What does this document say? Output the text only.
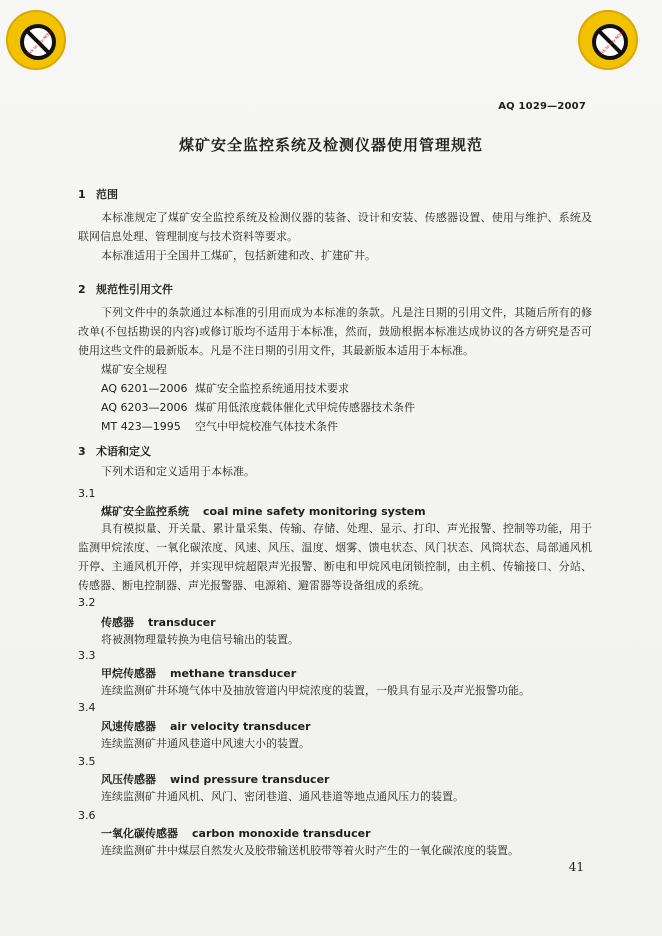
Click to buy NOW!	Click to buy NOW!
AQ 1029—2007
煤矿安全监控系统及检测仪器使用管理规范
1 范围

本标准规定了煤矿安全监控系统及检测仪器的装备、设计和安装、传感器设置、使用与维护、系统及联网信息处理、管理制度与技术资料等要求。

本标准适用于全国井工煤矿，包括新建和改、扩建矿井。

2 规范性引用文件

下列文件中的条款通过本标准的引用而成为本标准的条款。凡是注日期的引用文件，其随后所有的修改单(不包括勘误的内容)或修订版均不适用于本标准，然而，鼓励根据本标准达成协议的各方研究是否可使用这些文件的最新版本。凡是不注日期的引用文件，其最新版本适用于本标准。

煤矿安全规程
AQ 6201—2006 煤矿安全监控系统通用技术要求
AQ 6203—2006 煤矿用低浓度载体催化式甲烷传感器技术条件
MT 423—1995 空气中甲烷校准气体技术条件
3 术语和定义
下列术语和定义适用于本标准。
3.1
煤矿安全监控系统 coal mine safety monitoring system
具有模拟量、开关量、累计量采集、传输、存储、处理、显示、打印、声光报警、控制等功能，用于监测甲烷浓度、一氧化碳浓度、风速、风压、温度、烟雾、馈电状态、风门状态、风筒状态、局部通风机开停、主通风机开停，并实现甲烷超限声光报警、断电和甲烷风电闭锁控制，由主机、传输接口、分站、传感器、断电控制器、声光报警器、电源箱、避雷器等设备组成的系统。
3.2
传感器 transducer
将被测物理量转换为电信号输出的装置。
3.3
甲烷传感器 methane transducer
连续监测矿井环境气体中及抽放管道内甲烷浓度的装置，一般具有显示及声光报警功能。
3.4
风速传感器 air velocity transducer
连续监测矿井通风巷道中风速大小的装置。
3.5
风压传感器 wind pressure transducer
连续监测矿井通风机、风门、密闭巷道、通风巷道等地点通风压力的装置。
3.6
一氧化碳传感器 carbon monoxide transducer
连续监测矿井中煤层自然发火及胶带输送机胶带等着火时产生的一氧化碳浓度的装置。
41
